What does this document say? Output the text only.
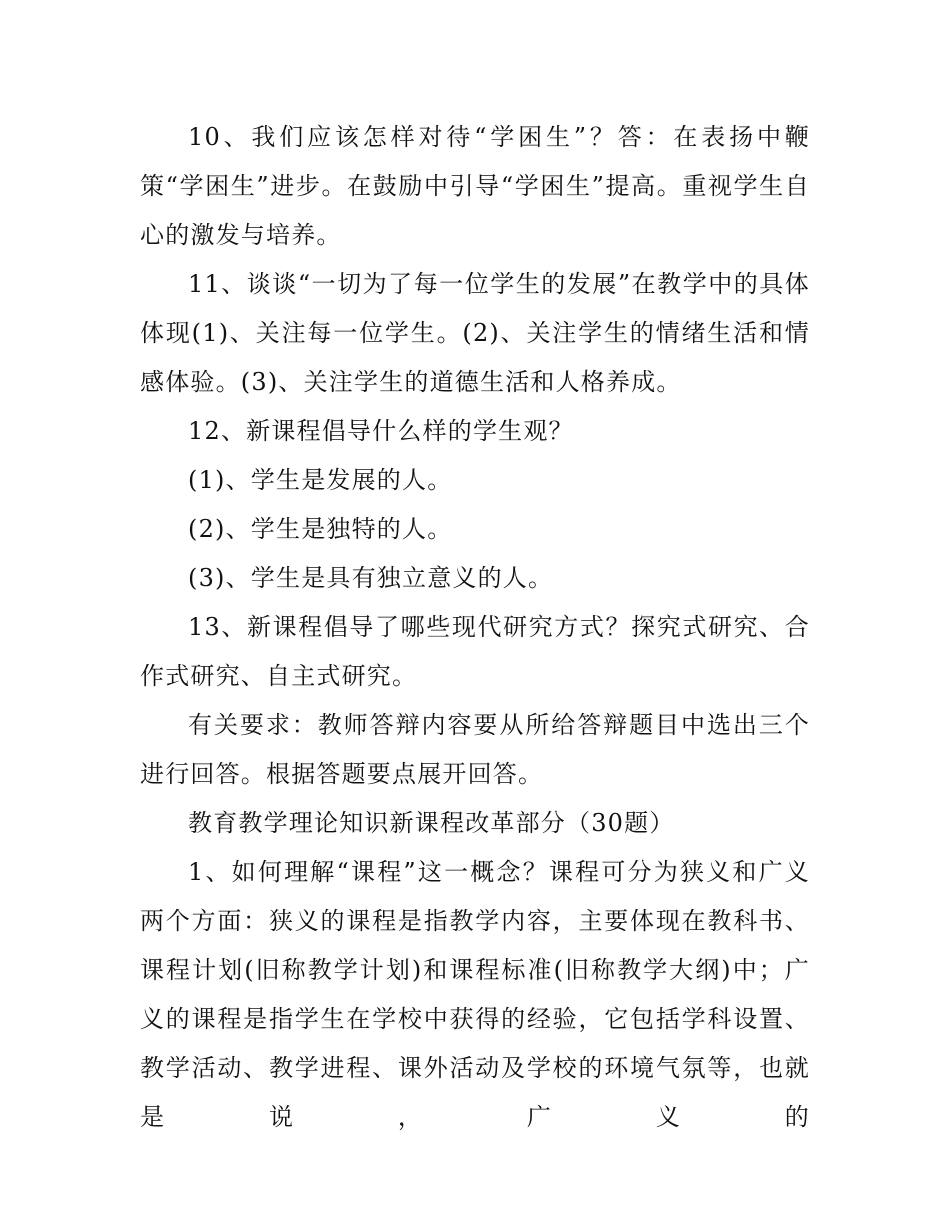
10、我们应该怎样对待“学困生”？答：在表扬中鞭策“学困生”进步。在鼓励中引导“学困生”提高。重视学生自心的激发与培养。

11、谈谈“一切为了每一位学生的发展”在教学中的具体体现(1)、关注每一位学生。(2)、关注学生的情绪生活和情感体验。(3)、关注学生的道德生活和人格养成。

12、新课程倡导什么样的学生观？

(1)、学生是发展的人。

(2)、学生是独特的人。

(3)、学生是具有独立意义的人。

13、新课程倡导了哪些现代研究方式？探究式研究、合作式研究、自主式研究。

有关要求：教师答辩内容要从所给答辩题目中选出三个进行回答。根据答题要点展开回答。

教育教学理论知识新课程改革部分（30题）

1、如何理解“课程”这一概念？课程可分为狭义和广义两个方面：狭义的课程是指教学内容，主要体现在教科书、课程计划(旧称教学计划)和课程标准(旧称教学大纲)中；广义的课程是指学生在学校中获得的经验，它包括学科设置、教学活动、教学进程、课外活动及学校的环境气氛等，也就是说，广义的
